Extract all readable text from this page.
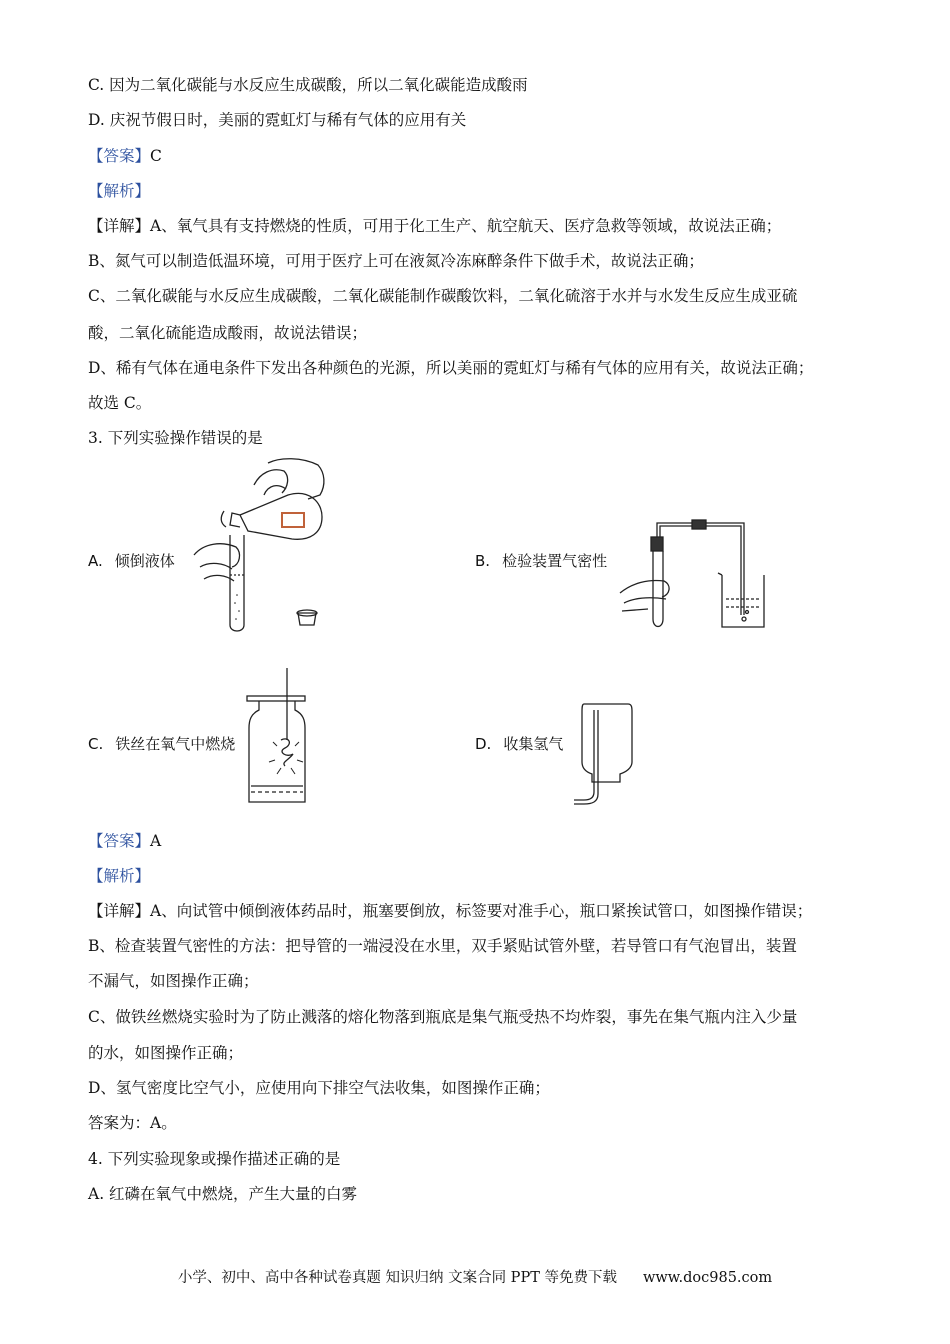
C. 因为二氧化碳能与水反应生成碳酸，所以二氧化碳能造成酸雨
D. 庆祝节假日时，美丽的霓虹灯与稀有气体的应用有关
【答案】C
【解析】
【详解】A、氧气具有支持燃烧的性质，可用于化工生产、航空航天、医疗急救等领域，故说法正确；
B、氮气可以制造低温环境，可用于医疗上可在液氮冷冻麻醉条件下做手术，故说法正确；
C、二氧化碳能与水反应生成碳酸，二氧化碳能制作碳酸饮料，二氧化硫溶于水并与水发生反应生成亚硫
酸，二氧化硫能造成酸雨，故说法错误；
D、稀有气体在通电条件下发出各种颜色的光源，所以美丽的霓虹灯与稀有气体的应用有关，故说法正确；
故选 C。
3. 下列实验操作错误的是
A. 倾倒液体	B. 检验装置气密性
C. 铁丝在氧气中燃烧	D. 收集氢气
【答案】A
【解析】
【详解】A、向试管中倾倒液体药品时，瓶塞要倒放，标签要对准手心，瓶口紧挨试管口，如图操作错误；
B、检查装置气密性的方法：把导管的一端浸没在水里，双手紧贴试管外壁，若导管口有气泡冒出，装置
不漏气，如图操作正确；
C、做铁丝燃烧实验时为了防止溅落的熔化物落到瓶底是集气瓶受热不均炸裂，事先在集气瓶内注入少量
的水，如图操作正确；
D、氢气密度比空气小，应使用向下排空气法收集，如图操作正确；
答案为：A。
4. 下列实验现象或操作描述正确的是
A. 红磷在氧气中燃烧，产生大量的白雾
小学、初中、高中各种试卷真题 知识归纳 文案合同 PPT 等免费下载 www.doc985.com
